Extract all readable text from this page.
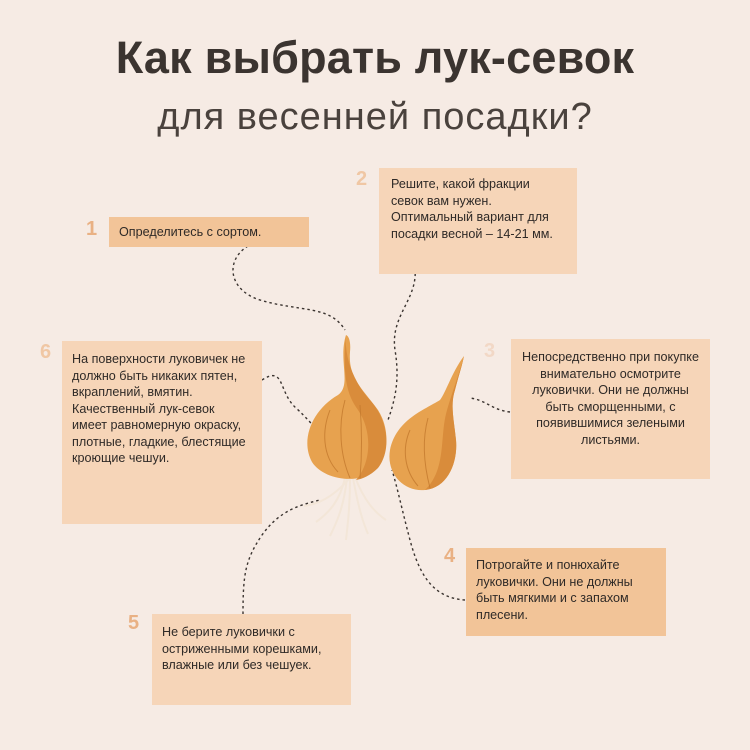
Как выбрать лук-севок
для весенней посадки?
1
2
3
4
5
6
Определитесь с сортом.
Решите, какой фракции севок вам нужен. Оптимальный вариант для посадки весной – 14-21 мм.
Непосредственно при покупке внимательно осмотрите луковички. Они не должны быть сморщенными, с появившимися зелеными листьями.
Потрогайте и понюхайте луковички. Они не должны быть мягкими и с запахом плесени.
Не берите луковички с остриженными корешками, влажные или без чешуек.
На поверхности луковичек не должно быть никаких пятен, вкраплений, вмятин. Качественный лук-севок имеет равномерную окраску, плотные, гладкие, блестящие кроющие чешуи.
